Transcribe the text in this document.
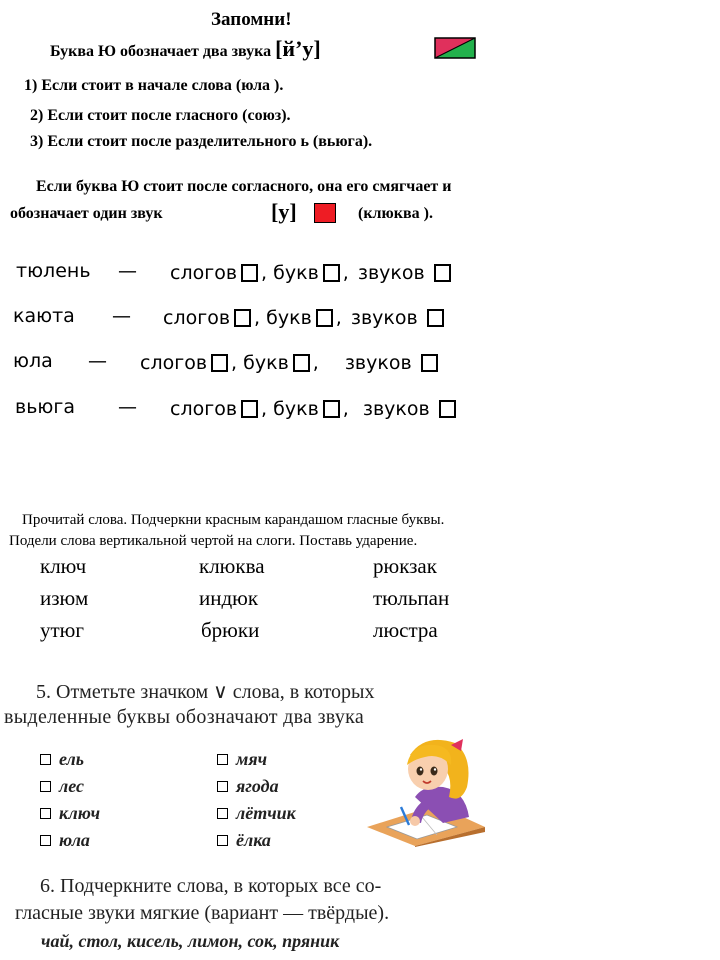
Запомни!
Буква Ю обозначает два звука [й’у]
1) Если стоит в начале слова (юла ).
2) Если стоит после гласного (союз).
3) Если стоит после разделительного ь (вьюга).
Если буква Ю стоит после согласного, она его смягчает и
обозначает один звук	[у]	(клюква ).
тюлень — слогов , букв , звуков
каюта — слогов , букв , звуков
юла — слогов , букв , звуков
вьюга — слогов , букв , звуков
Прочитай слова. Подчеркни красным карандашом гласные буквы.
Подели слова вертикальной чертой на слоги. Поставь ударение.
ключ
изюм
утюг
клюква
индюк
брюки
рюкзак
тюльпан
люстра
5. Отметьте значком ∨ слова, в которых
выделенные буквы обозначают два звука
ель
лес
ключ
юла
мяч
ягода
лётчик
ёлка
6. Подчеркните слова, в которых все со-
гласные звуки мягкие (вариант — твёрдые).
чай, стол, кисель, лимон, сок, пряник
